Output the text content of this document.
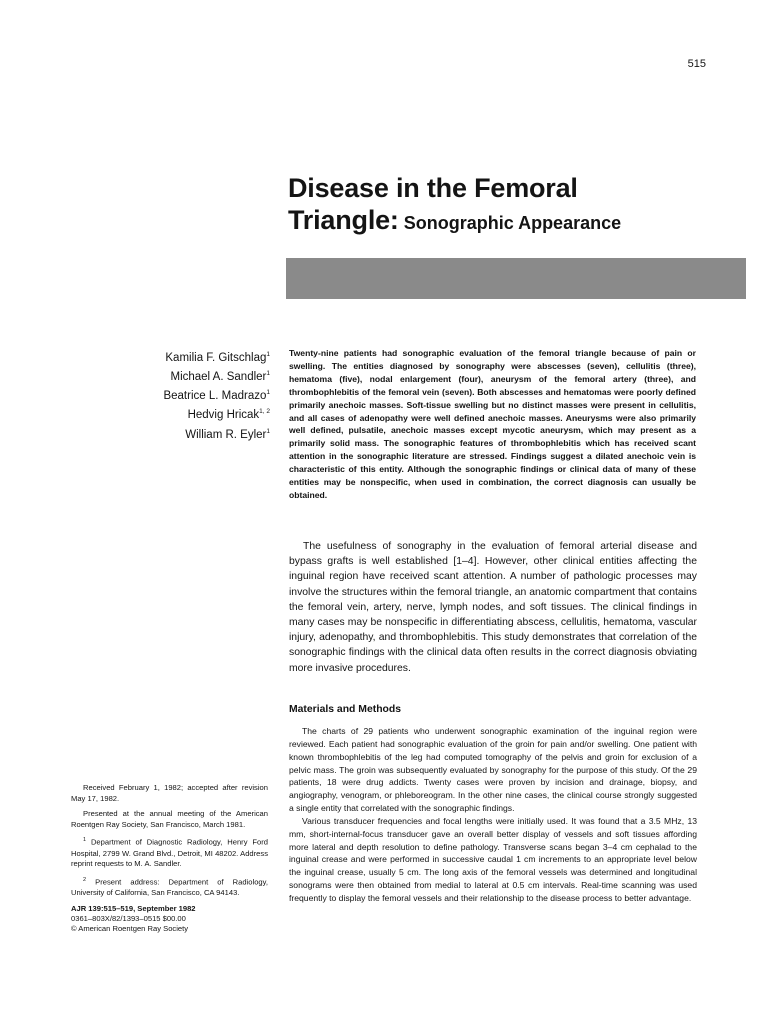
515
Disease in the Femoral
Triangle: Sonographic Appearance
Kamilia F. Gitschlag$^1$
Michael A. Sandler$^1$
Beatrice L. Madrazo$^1$
Hedvig Hricak$^{1, 2}$
William R. Eyler$^1$
Twenty-nine patients had sonographic evaluation of the femoral triangle because of pain or swelling. The entities diagnosed by sonography were abscesses (seven), cellulitis (three), hematoma (five), nodal enlargement (four), aneurysm of the femoral artery (three), and thrombophlebitis of the femoral vein (seven). Both abscesses and hematomas were poorly defined primarily anechoic masses. Soft-tissue swelling but no distinct masses were present in cellulitis, and all cases of adenopathy were well defined anechoic masses. Aneurysms were also primarily well defined, pulsatile, anechoic masses except mycotic aneurysm, which may present as a primarily solid mass. The sonographic features of thrombophlebitis which has received scant attention in the sonographic literature are stressed. Findings suggest a dilated anechoic vein is characteristic of this entity. Although the sonographic findings or clinical data of many of these entities may be nonspecific, when used in combination, the correct diagnosis can usually be obtained.
The usefulness of sonography in the evaluation of femoral arterial disease and bypass grafts is well established [1–4]. However, other clinical entities affecting the inguinal region have received scant attention. A number of pathologic processes may involve the structures within the femoral triangle, an anatomic compartment that contains the femoral vein, artery, nerve, lymph nodes, and soft tissues. The clinical findings in many cases may be nonspecific in differentiating abscess, cellulitis, hematoma, vascular injury, adenopathy, and thrombophlebitis. This study demonstrates that correlation of the sonographic findings with the clinical data often results in the correct diagnosis obviating more invasive procedures.
Materials and Methods

The charts of 29 patients who underwent sonographic examination of the inguinal region were reviewed. Each patient had sonographic evaluation of the groin for pain and/or swelling. One patient with known thrombophlebitis of the leg had computed tomography of the pelvis and groin for exclusion of a pelvic mass. The groin was subsequently evaluated by sonography for the purpose of this study. Of the 29 patients, 18 were drug addicts. Twenty cases were proven by incision and drainage, biopsy, and angiography, venogram, or phleboreogram. In the other nine cases, the clinical course strongly suggested a single entity that correlated with the sonographic findings.

Various transducer frequencies and focal lengths were initially used. It was found that a 3.5 MHz, 13 mm, short-internal-focus transducer gave an overall better display of vessels and soft tissues affording more lateral and depth resolution to define pathology. Transverse scans began 3–4 cm cephalad to the inguinal crease and were performed in successive caudal 1 cm increments to an appropriate level below the inguinal crease, usually 5 cm. The long axis of the femoral vessels was determined and longitudinal sonograms were then obtained from medial to lateral at 0.5 cm intervals. Real-time scanning was used frequently to display the femoral vessels and their relationship to the disease process to better advantage.

Received February 1, 1982; accepted after revision May 17, 1982.

Presented at the annual meeting of the American Roentgen Ray Society, San Francisco, March 1981.

$^1$ Department of Diagnostic Radiology, Henry Ford Hospital, 2799 W. Grand Blvd., Detroit, MI 48202. Address reprint requests to M. A. Sandler.

$^2$ Present address: Department of Radiology, University of California, San Francisco, CA 94143.

AJR 139:515–519, September 1982
0361–803X/82/1393–0515 $00.00
© American Roentgen Ray Society
